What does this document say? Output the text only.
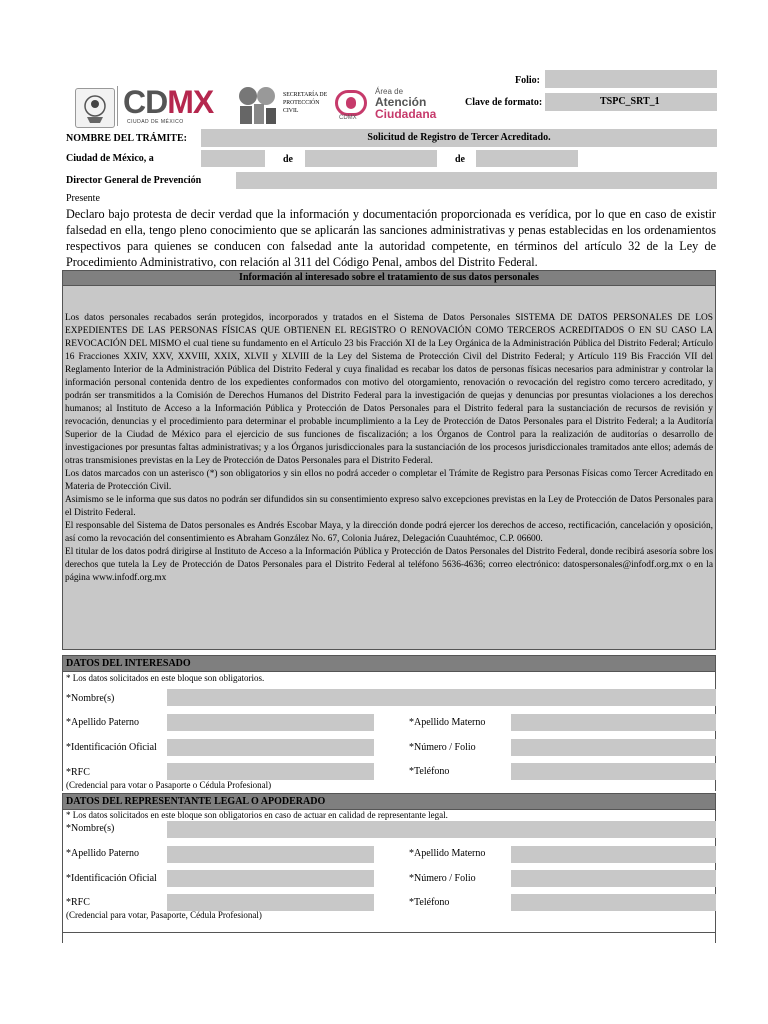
CDMX
CIUDAD DE MÉXICO
SECRETARÍA DE PROTECCIÓN CIVIL
CDMX
Área de
Atención
Ciudadana
Folio:
Clave de formato:	TSPC_SRT_1
NOMBRE DEL TRÁMITE:	Solicitud de Registro de Tercer Acreditado.
Ciudad de México, a	de	de
Director General de Prevención
Presente
Declaro bajo protesta de decir verdad que la información y documentación proporcionada es verídica, por lo que en caso de existir falsedad en ella, tengo pleno conocimiento que se aplicarán las sanciones administrativas y penas establecidas en los ordenamientos respectivos para quienes se conducen con falsedad ante la autoridad competente, en términos del artículo 32 de la Ley de Procedimiento Administrativo, con relación al 311 del Código Penal, ambos del Distrito Federal.
Información al interesado sobre el tratamiento de sus datos personales

Los datos personales recabados serán protegidos, incorporados y tratados en el Sistema de Datos Personales SISTEMA DE DATOS PERSONALES DE LOS EXPEDIENTES DE LAS PERSONAS FÍSICAS QUE OBTIENEN EL REGISTRO O RENOVACIÓN COMO TERCEROS ACREDITADOS O EN SU CASO LA REVOCACIÓN DEL MISMO el cual tiene su fundamento en el Artículo 23 bis Fracción XI de la Ley Orgánica de la Administración Pública del Distrito Federal; Artículo 16 Fracciones XXIV, XXV, XXVIII, XXIX, XLVII y XLVIII de la Ley del Sistema de Protección Civil del Distrito Federal; y Artículo 119 Bis Fracción VII del Reglamento Interior de la Administración Pública del Distrito Federal y cuya finalidad es recabar los datos de personas físicas necesarios para administrar y controlar la información personal contenida dentro de los expedientes conformados con motivo del otorgamiento, renovación o revocación del registro como tercero acreditado, y podrán ser transmitidos a la Comisión de Derechos Humanos del Distrito Federal para la investigación de quejas y denuncias por presuntas violaciones a los derechos humanos; al Instituto de Acceso a la Información Pública y Protección de Datos Personales para el Distrito federal para la sustanciación de recursos de revisión y revocación, denuncias y el procedimiento para determinar el probable incumplimiento a la Ley de Protección de Datos Personales para el Distrito Federal; a la Auditoría Superior de la Ciudad de México para el ejercicio de sus funciones de fiscalización; a los Órganos de Control para la realización de auditorías o desarrollo de investigaciones por presuntas faltas administrativas; y a los Órganos jurisdiccionales para la sustanciación de los procesos jurisdiccionales tramitados ante ellos; además de otras transmisiones previstas en la Ley de Protección de Datos Personales para el Distrito Federal.

Los datos marcados con un asterisco (*) son obligatorios y sin ellos no podrá acceder o completar el Trámite de Registro para Personas Físicas como Tercer Acreditado en Materia de Protección Civil.

Asimismo se le informa que sus datos no podrán ser difundidos sin su consentimiento expreso salvo excepciones previstas en la Ley de Protección de Datos Personales para el Distrito Federal.

El responsable del Sistema de Datos personales es Andrés Escobar Maya, y la dirección donde podrá ejercer los derechos de acceso, rectificación, cancelación y oposición, así como la revocación del consentimiento es Abraham González No. 67, Colonia Juárez, Delegación Cuauhtémoc, C.P. 06600.

El titular de los datos podrá dirigirse al Instituto de Acceso a la Información Pública y Protección de Datos Personales del Distrito Federal, donde recibirá asesoría sobre los derechos que tutela la Ley de Protección de Datos Personales para el Distrito Federal al teléfono 5636-4636; correo electrónico: datospersonales@infodf.org.mx o en la página www.infodf.org.mx

DATOS DEL INTERESADO
* Los datos solicitados en este bloque son obligatorios.
*Nombre(s)
*Apellido Paterno	*Apellido Materno
*Identificación Oficial	*Número / Folio
*RFC	*Teléfono
(Credencial para votar o Pasaporte o Cédula Profesional)
DATOS DEL REPRESENTANTE LEGAL O APODERADO
* Los datos solicitados en este bloque son obligatorios en caso de actuar en calidad de representante legal.
*Nombre(s)
*Apellido Paterno	*Apellido Materno
*Identificación Oficial	*Número / Folio
*RFC	*Teléfono
(Credencial para votar, Pasaporte, Cédula Profesional)
